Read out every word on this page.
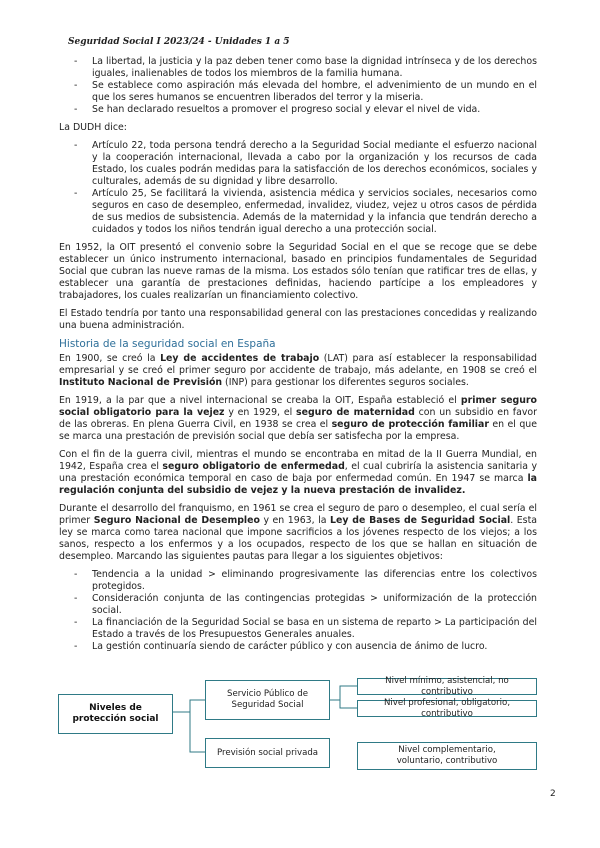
Seguridad Social I 2023/24 - Unidades 1 a 5
- La libertad, la justicia y la paz deben tener como base la dignidad intrínseca y de los derechos iguales, inalienables de todos los miembros de la familia humana.
- Se establece como aspiración más elevada del hombre, el advenimiento de un mundo en el que los seres humanos se encuentren liberados del terror y la miseria.
- Se han declarado resueltos a promover el progreso social y elevar el nivel de vida.

La DUDH dice:

- Artículo 22, toda persona tendrá derecho a la Seguridad Social mediante el esfuerzo nacional y la cooperación internacional, llevada a cabo por la organización y los recursos de cada Estado, los cuales podrán medidas para la satisfacción de los derechos económicos, sociales y culturales, además de su dignidad y libre desarrollo.
- Artículo 25, Se facilitará la vivienda, asistencia médica y servicios sociales, necesarios como seguros en caso de desempleo, enfermedad, invalidez, viudez, vejez u otros casos de pérdida de sus medios de subsistencia. Además de la maternidad y la infancia que tendrán derecho a cuidados y todos los niños tendrán igual derecho a una protección social.

En 1952, la OIT presentó el convenio sobre la Seguridad Social en el que se recoge que se debe establecer un único instrumento internacional, basado en principios fundamentales de Seguridad Social que cubran las nueve ramas de la misma. Los estados sólo tenían que ratificar tres de ellas, y establecer una garantía de prestaciones definidas, haciendo partícipe a los empleadores y trabajadores, los cuales realizarían un financiamiento colectivo.

El Estado tendría por tanto una responsabilidad general con las prestaciones concedidas y realizando una buena administración.

Historia de la seguridad social en España

En 1900, se creó la Ley de accidentes de trabajo (LAT) para así establecer la responsabilidad empresarial y se creó el primer seguro por accidente de trabajo, más adelante, en 1908 se creó el Instituto Nacional de Previsión (INP) para gestionar los diferentes seguros sociales.

En 1919, a la par que a nivel internacional se creaba la OIT, España estableció el primer seguro social obligatorio para la vejez y en 1929, el seguro de maternidad con un subsidio en favor de las obreras. En plena Guerra Civil, en 1938 se crea el seguro de protección familiar en el que se marca una prestación de previsión social que debía ser satisfecha por la empresa.

Con el fin de la guerra civil, mientras el mundo se encontraba en mitad de la II Guerra Mundial, en 1942, España crea el seguro obligatorio de enfermedad, el cual cubriría la asistencia sanitaria y una prestación económica temporal en caso de baja por enfermedad común. En 1947 se marca la regulación conjunta del subsidio de vejez y la nueva prestación de invalidez.

Durante el desarrollo del franquismo, en 1961 se crea el seguro de paro o desempleo, el cual sería el primer Seguro Nacional de Desempleo y en 1963, la Ley de Bases de Seguridad Social. Esta ley se marca como tarea nacional que impone sacrificios a los jóvenes respecto de los viejos; a los sanos, respecto a los enfermos y a los ocupados, respecto de los que se hallan en situación de desempleo. Marcando las siguientes pautas para llegar a los siguientes objetivos:

- Tendencia a la unidad > eliminando progresivamente las diferencias entre los colectivos protegidos.
- Consideración conjunta de las contingencias protegidas > uniformización de la protección social.
- La financiación de la Seguridad Social se basa en un sistema de reparto > La participación del Estado a través de los Presupuestos Generales anuales.
- La gestión continuaría siendo de carácter público y con ausencia de ánimo de lucro.
Niveles de protección social
Servicio Público de Seguridad Social
Previsión social privada
Nivel mínimo, asistencial, no contributivo
Nivel profesional, obligatorio, contributivo
Nivel complementario, voluntario, contributivo
2
